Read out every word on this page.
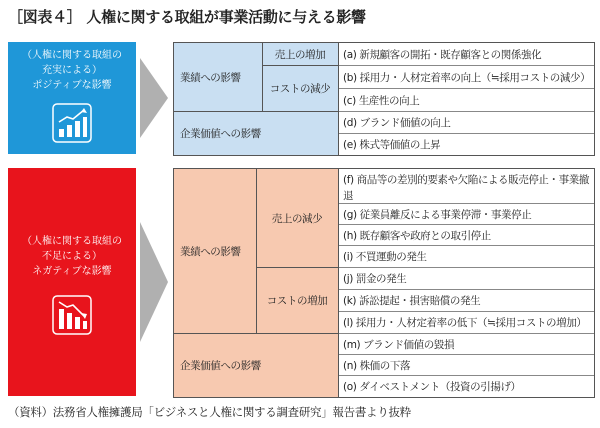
［図表４］ 人権に関する取組が事業活動に与える影響
（人権に関する取組の
充実による）
ポジティブな影響
業績への影響
売上の増加
コストの減少
企業価値への影響
(a) 新規顧客の開拓・既存顧客との関係強化
(b) 採用力・人材定着率の向上（≒採用コストの減少）
(c) 生産性の向上
(d) ブランド価値の向上
(e) 株式等価値の上昇
（人権に関する取組の
不足による）
ネガティブな影響
業績への影響
売上の減少
コストの増加
企業価値への影響
(f) 商品等の差別的要素や欠陥による販売停止・事業撤退
(g) 従業員離反による事業停滞・事業停止
(h) 既存顧客や政府との取引停止
(i) 不買運動の発生
(j) 罰金の発生
(k) 訴訟提起・損害賠償の発生
(l) 採用力・人材定着率の低下（≒採用コストの増加）
(m) ブランド価値の毀損
(n) 株価の下落
(o) ダイベストメント（投資の引揚げ）
（資料）法務省人権擁護局「ビジネスと人権に関する調査研究」報告書より抜粋
